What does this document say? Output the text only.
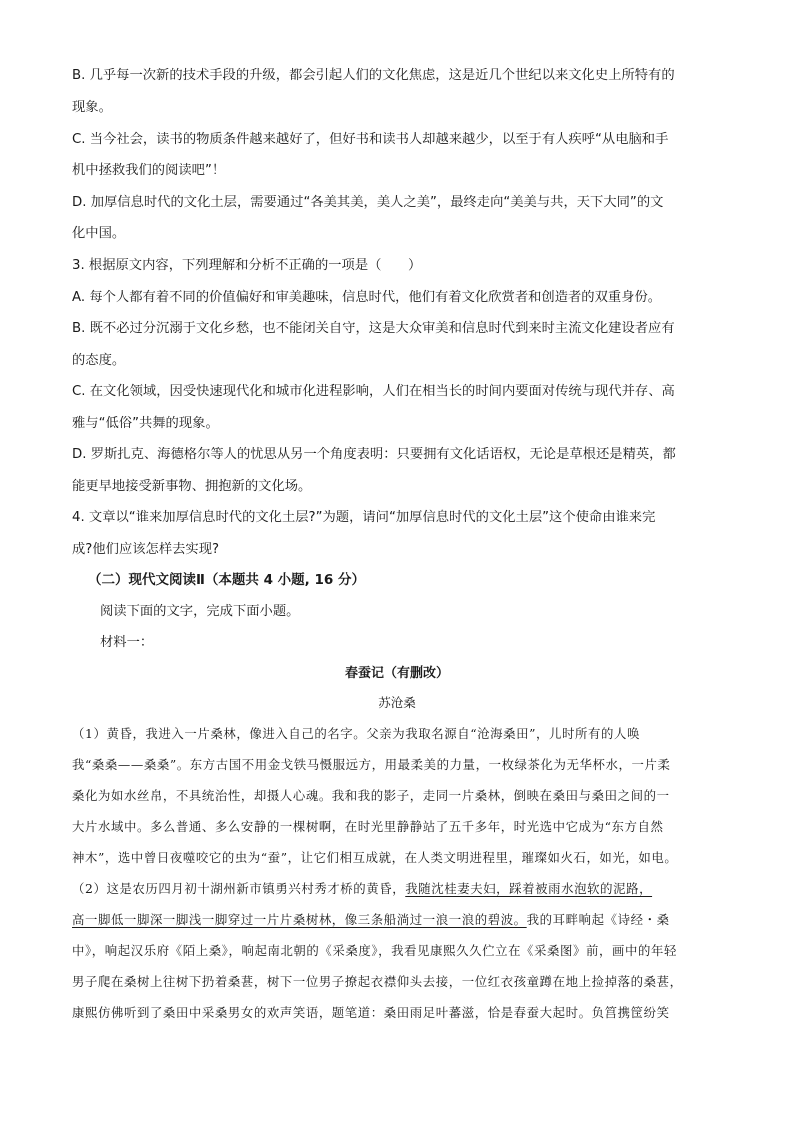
B. 几乎每一次新的技术手段的升级，都会引起人们的文化焦虑，这是近几个世纪以来文化史上所特有的
现象。
C. 当今社会，读书的物质条件越来越好了，但好书和读书人却越来越少，以至于有人疾呼“从电脑和手
机中拯救我们的阅读吧”！
D. 加厚信息时代的文化土层，需要通过“各美其美，美人之美”，最终走向“美美与共，天下大同”的文
化中国。
3. 根据原文内容，下列理解和分析不正确的一项是（　　）
A. 每个人都有着不同的价值偏好和审美趣味，信息时代，他们有着文化欣赏者和创造者的双重身份。
B. 既不必过分沉溺于文化乡愁，也不能闭关自守，这是大众审美和信息时代到来时主流文化建设者应有
的态度。
C. 在文化领域，因受快速现代化和城市化进程影响，人们在相当长的时间内要面对传统与现代并存、高
雅与“低俗”共舞的现象。
D. 罗斯扎克、海德格尔等人的忧思从另一个角度表明：只要拥有文化话语权，无论是草根还是精英，都
能更早地接受新事物、拥抱新的文化场。
4. 文章以“谁来加厚信息时代的文化土层?”为题，请问“加厚信息时代的文化土层”这个使命由谁来完
成?他们应该怎样去实现?
（二）现代文阅读Ⅱ（本题共 4 小题, 16 分）
阅读下面的文字，完成下面小题。
材料一：
春蚕记（有删改）
苏沧桑
（1）黄昏，我进入一片桑林，像进入自己的名字。父亲为我取名源自“沧海桑田”，儿时所有的人唤
我“桑桑——桑桑”。东方古国不用金戈铁马慑服远方，用最柔美的力量，一枚绿茶化为无华杯水，一片柔
桑化为如水丝帛，不具统治性，却摄人心魂。我和我的影子，走同一片桑林，倒映在桑田与桑田之间的一
大片水域中。多么普通、多么安静的一棵树啊，在时光里静静站了五千多年，时光选中它成为“东方自然
神木”，选中曾日夜噬咬它的虫为“蚕”，让它们相互成就，在人类文明进程里，璀璨如火石，如光，如电。
（2）这是农历四月初十湖州新市镇勇兴村秀才桥的黄昏，我随沈桂妻夫妇，踩着被雨水泡软的泥路，
高一脚低一脚深一脚浅一脚穿过一片片桑树林，像三条船淌过一浪一浪的碧波。我的耳畔响起《诗经・桑
中》，响起汉乐府《陌上桑》，响起南北朝的《采桑度》，我看见康熙久久伫立在《采桑图》前，画中的年轻
男子爬在桑树上往树下扔着桑葚，树下一位男子撩起衣襟仰头去接，一位红衣孩童蹲在地上捡掉落的桑葚，
康熙仿佛听到了桑田中采桑男女的欢声笑语，题笔道：桑田雨足叶蕃滋，恰是春蚕大起时。负筥携筐纷笑
